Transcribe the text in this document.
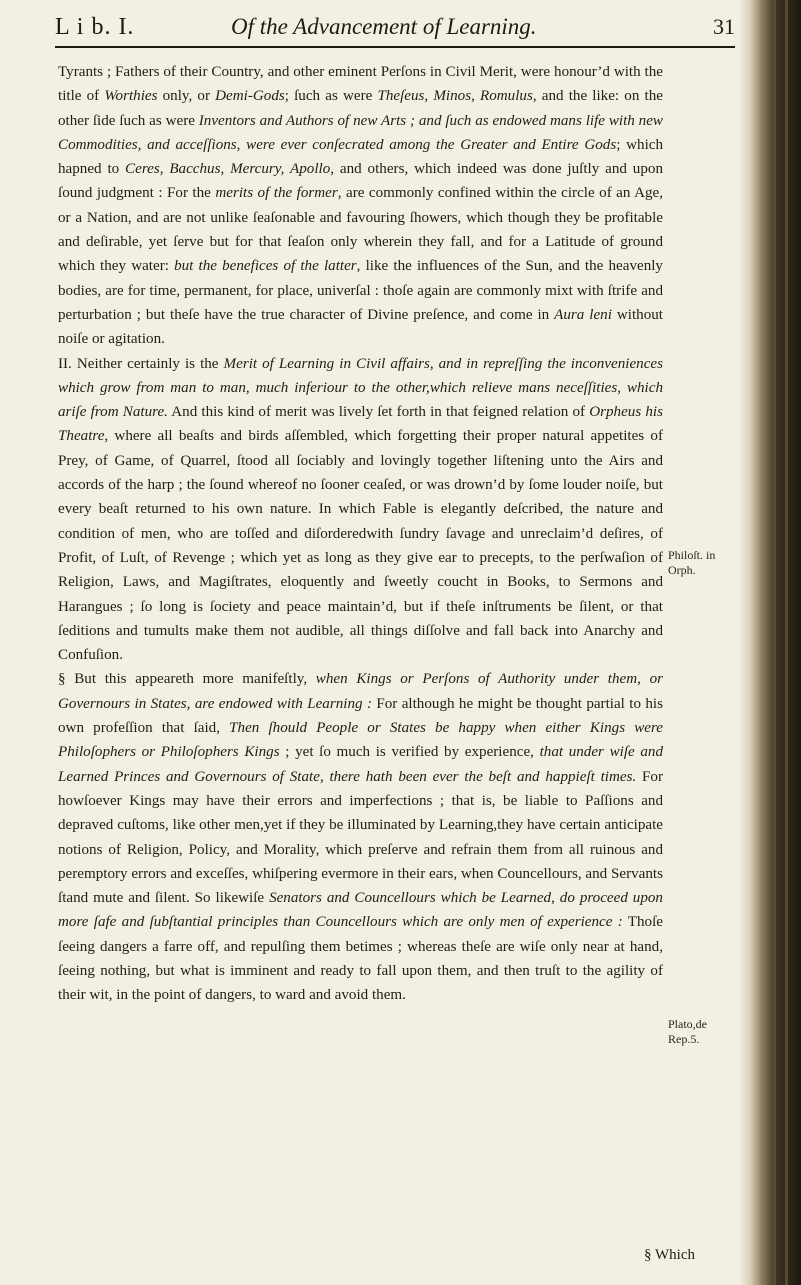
L i b. I.	Of the Advancement of Learning.	31

Tyrants ; Fathers of their Country, and other eminent Perſons in Civil Merit, were honour’d with the title of Worthies only, or Demi-Gods; ſuch as were Theſeus, Minos, Romulus, and the like: on the other ſide ſuch as were Inventors and Authors of new Arts ; and ſuch as endowed mans life with new Commodities, and acceſſions, were ever conſecrated among the Greater and Entire Gods; which hapned to Ceres, Bacchus, Mercury, Apollo, and others, which indeed was done juſtly and upon ſound judgment : For the merits of the former, are commonly confined within the circle of an Age, or a Nation, and are not unlike ſeaſonable and favouring ſhowers, which though they be profitable and deſirable, yet ſerve but for that ſeaſon only wherein they fall, and for a Latitude of ground which they water: but the benefices of the latter, like the influences of the Sun, and the heavenly bodies, are for time, permanent, for place, univerſal : thoſe again are commonly mixt with ſtrife and perturbation ; but theſe have the true character of Divine preſence, and come in Aura leni without noiſe or agitation.

II. Neither certainly is the Merit of Learning in Civil affairs, and in repreſſing the inconveniences which grow from man to man, much inferiour to the other,which relieve mans neceſſities, which ariſe from Nature. And this kind of merit was lively ſet forth in that feigned relation of Orpheus his Theatre, where all beaſts and birds aſſembled, which forgetting their proper natural appetites of Prey, of Game, of Quarrel, ſtood all ſociably and lovingly together liſtening unto the Airs and accords of the harp ; the ſound whereof no ſooner ceaſed, or was drown’d by ſome louder noiſe, but every beaſt returned to his own nature. In which Fable is elegantly deſcribed, the nature and condition of men, who are toſſed and diſorderedwith ſundry ſavage and unreclaim’d deſires, of Profit, of Luſt, of Revenge ; which yet as long as they give ear to precepts, to the perſwaſion of Religion, Laws, and Magiſtrates, eloquently and ſweetly coucht in Books, to Sermons and Harangues ; ſo long is ſociety and peace maintain’d, but if theſe inſtruments be ſilent, or that ſeditions and tumults make them not audible, all things diſſolve and fall back into Anarchy and Confuſion.

§ But this appeareth more manifeſtly, when Kings or Perſons of Authority under them, or Governours in States, are endowed with Learning : For although he might be thought partial to his own profeſſion that ſaid, Then ſhould People or States be happy when either Kings were Philoſophers or Philoſophers Kings ; yet ſo much is verified by experience, that under wiſe and Learned Princes and Governours of State, there hath been ever the beſt and happieſt times. For howſoever Kings may have their errors and imperfections ; that is, be liable to Paſſions and depraved cuſtoms, like other men,yet if they be illuminated by Learning,they have certain anticipate notions of Religion, Policy, and Morality, which preſerve and refrain them from all ruinous and peremptory errors and exceſſes, whiſpering evermore in their ears, when Councellours, and Servants ſtand mute and ſilent. So likewiſe Senators and Councellours which be Learned, do proceed upon more ſafe and ſubſtantial principles than Councellours which are only men of experience : Thoſe ſeeing dangers a farre off, and repulſing them betimes ; whereas theſe are wiſe only near at hand, ſeeing nothing, but what is imminent and ready to fall upon them, and then truſt to the agility of their wit, in the point of dangers, to ward and avoid them.

Philoſt. in Orph.
Plato,de Rep.5.
§ Which
